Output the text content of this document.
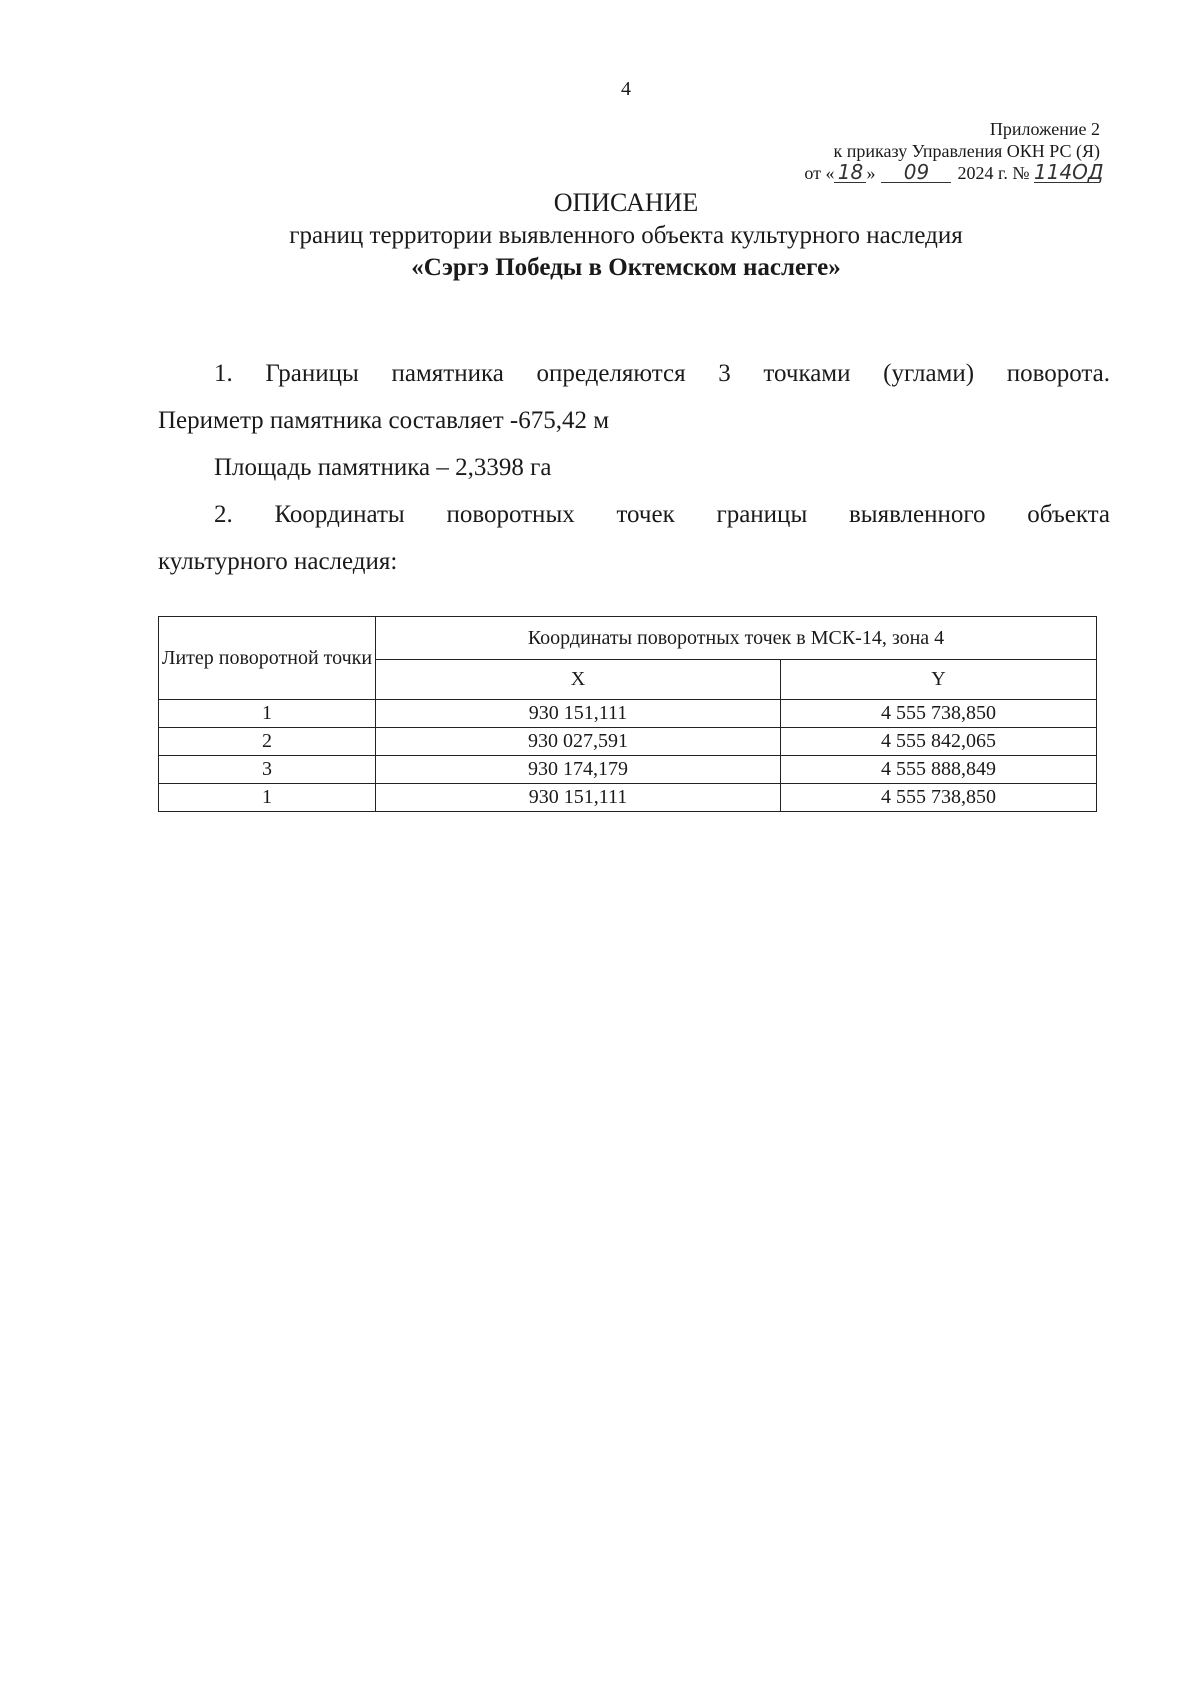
4
Приложение 2
к приказу Управления ОКН РС (Я)
от « 18 » 09 2024 г. № 114ОД
ОПИСАНИЕ
границ территории выявленного объекта культурного наследия
«Сэргэ Победы в Октемском наслеге»
1. Границы памятника определяются 3 точками (углами) поворота.
Периметр памятника составляет -675,42 м
Площадь памятника – 2,3398 га
2. Координаты поворотных точек границы выявленного объекта
культурного наследия:
Литер поворотной точки	Координаты поворотных точек в МСК-14, зона 4	
	X	Y
1	930 151,111	4 555 738,850
2	930 027,591	4 555 842,065
3	930 174,179	4 555 888,849
1	930 151,111	4 555 738,850
